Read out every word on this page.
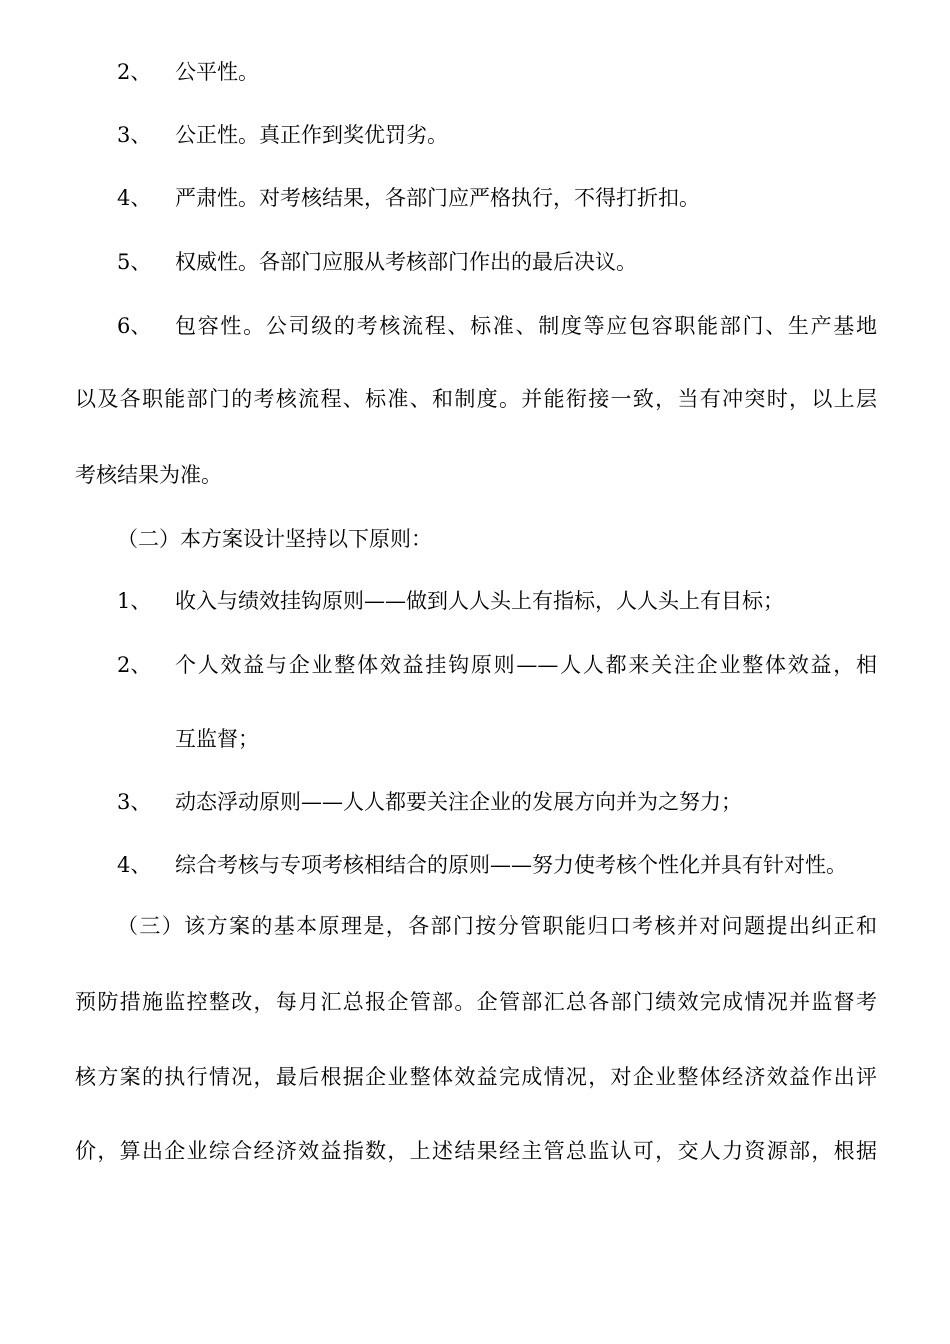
2、 公平性。
3、 公正性。真正作到奖优罚劣。
4、 严肃性。对考核结果，各部门应严格执行，不得打折扣。
5、 权威性。各部门应服从考核部门作出的最后决议。
6、 包容性。公司级的考核流程、标准、制度等应包容职能部门、生产基地
以及各职能部门的考核流程、标准、和制度。并能衔接一致，当有冲突时，以上层
考核结果为准。
（二）本方案设计坚持以下原则：
1、 收入与绩效挂钩原则——做到人人头上有指标，人人头上有目标；
2、 个人效益与企业整体效益挂钩原则——人人都来关注企业整体效益，相
互监督；
3、 动态浮动原则——人人都要关注企业的发展方向并为之努力；
4、 综合考核与专项考核相结合的原则——努力使考核个性化并具有针对性。
（三）该方案的基本原理是，各部门按分管职能归口考核并对问题提出纠正和
预防措施监控整改，每月汇总报企管部。企管部汇总各部门绩效完成情况并监督考
核方案的执行情况，最后根据企业整体效益完成情况，对企业整体经济效益作出评
价，算出企业综合经济效益指数，上述结果经主管总监认可，交人力资源部，根据
